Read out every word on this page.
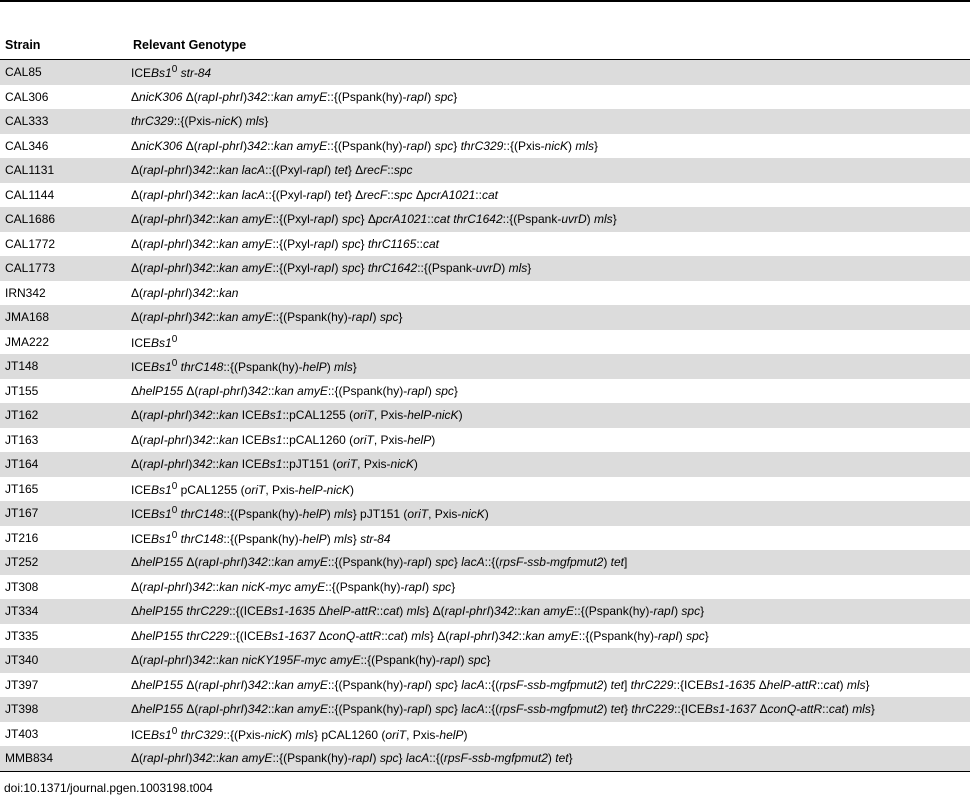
Strain	Relevant Genotype
CAL85	$ICEBs1^0$ str-84
CAL306	ΔnicK306 Δ(rapI-phrI)342::kan amyE::{(Pspank(hy)-rapI) spc}
CAL333	thrC329::{(Pxis-nicK) mls}
CAL346	ΔnicK306 Δ(rapI-phrI)342::kan amyE::{(Pspank(hy)-rapI) spc} thrC329::{(Pxis-nicK) mls}
CAL1131	Δ(rapI-phrI)342::kan lacA::{(Pxyl-rapI) tet} ΔrecF::spc
CAL1144	Δ(rapI-phrI)342::kan lacA::{(Pxyl-rapI) tet} ΔrecF::spc ΔpcrA1021::cat
CAL1686	Δ(rapI-phrI)342::kan amyE::{(Pxyl-rapI) spc} ΔpcrA1021::cat thrC1642::{(Pspank-uvrD) mls}
CAL1772	Δ(rapI-phrI)342::kan amyE::{(Pxyl-rapI) spc} thrC1165::cat
CAL1773	Δ(rapI-phrI)342::kan amyE::{(Pxyl-rapI) spc} thrC1642::{(Pspank-uvrD) mls}
IRN342	Δ(rapI-phrI)342::kan
JMA168	Δ(rapI-phrI)342::kan amyE::{(Pspank(hy)-rapI) spc}
JMA222	$ICEBs1^0$
JT148	$ICEBs1^0$ thrC148::{(Pspank(hy)-helP) mls}
JT155	ΔhelP155 Δ(rapI-phrI)342::kan amyE::{(Pspank(hy)-rapI) spc}
JT162	Δ(rapI-phrI)342::kan ICEBs1::pCAL1255 (oriT, Pxis-helP-nicK)
JT163	Δ(rapI-phrI)342::kan ICEBs1::pCAL1260 (oriT, Pxis-helP)
JT164	Δ(rapI-phrI)342::kan ICEBs1::pJT151 (oriT, Pxis-nicK)
JT165	$ICEBs1^0$ pCAL1255 (oriT, Pxis-helP-nicK)
JT167	$ICEBs1^0$ thrC148::{(Pspank(hy)-helP) mls} pJT151 (oriT, Pxis-nicK)
JT216	$ICEBs1^0$ thrC148::{(Pspank(hy)-helP) mls} str-84
JT252	ΔhelP155 Δ(rapI-phrI)342::kan amyE::{(Pspank(hy)-rapI) spc} lacA::{(rpsF-ssb-mgfpmut2) tet]
JT308	Δ(rapI-phrI)342::kan nicK-myc amyE::{(Pspank(hy)-rapI) spc}
JT334	ΔhelP155 thrC229::{(ICEBs1-1635 ΔhelP-attR::cat) mls} Δ(rapI-phrI)342::kan amyE::{(Pspank(hy)-rapI) spc}
JT335	ΔhelP155 thrC229::{(ICEBs1-1637 ΔconQ-attR::cat) mls} Δ(rapI-phrI)342::kan amyE::{(Pspank(hy)-rapI) spc}
JT340	Δ(rapI-phrI)342::kan nicKY195F-myc amyE::{(Pspank(hy)-rapI) spc}
JT397	ΔhelP155 Δ(rapI-phrI)342::kan amyE::{(Pspank(hy)-rapI) spc} lacA::{(rpsF-ssb-mgfpmut2) tet] thrC229::{ICEBs1-1635 ΔhelP-attR::cat) mls}
JT398	ΔhelP155 Δ(rapI-phrI)342::kan amyE::{(Pspank(hy)-rapI) spc} lacA::{(rpsF-ssb-mgfpmut2) tet} thrC229::{ICEBs1-1637 ΔconQ-attR::cat) mls}
JT403	$ICEBs1^0$ thrC329::{(Pxis-nicK) mls} pCAL1260 (oriT, Pxis-helP)
MMB834	Δ(rapI-phrI)342::kan amyE::{(Pspank(hy)-rapI) spc} lacA::{(rpsF-ssb-mgfpmut2) tet}
doi:10.1371/journal.pgen.1003198.t004
